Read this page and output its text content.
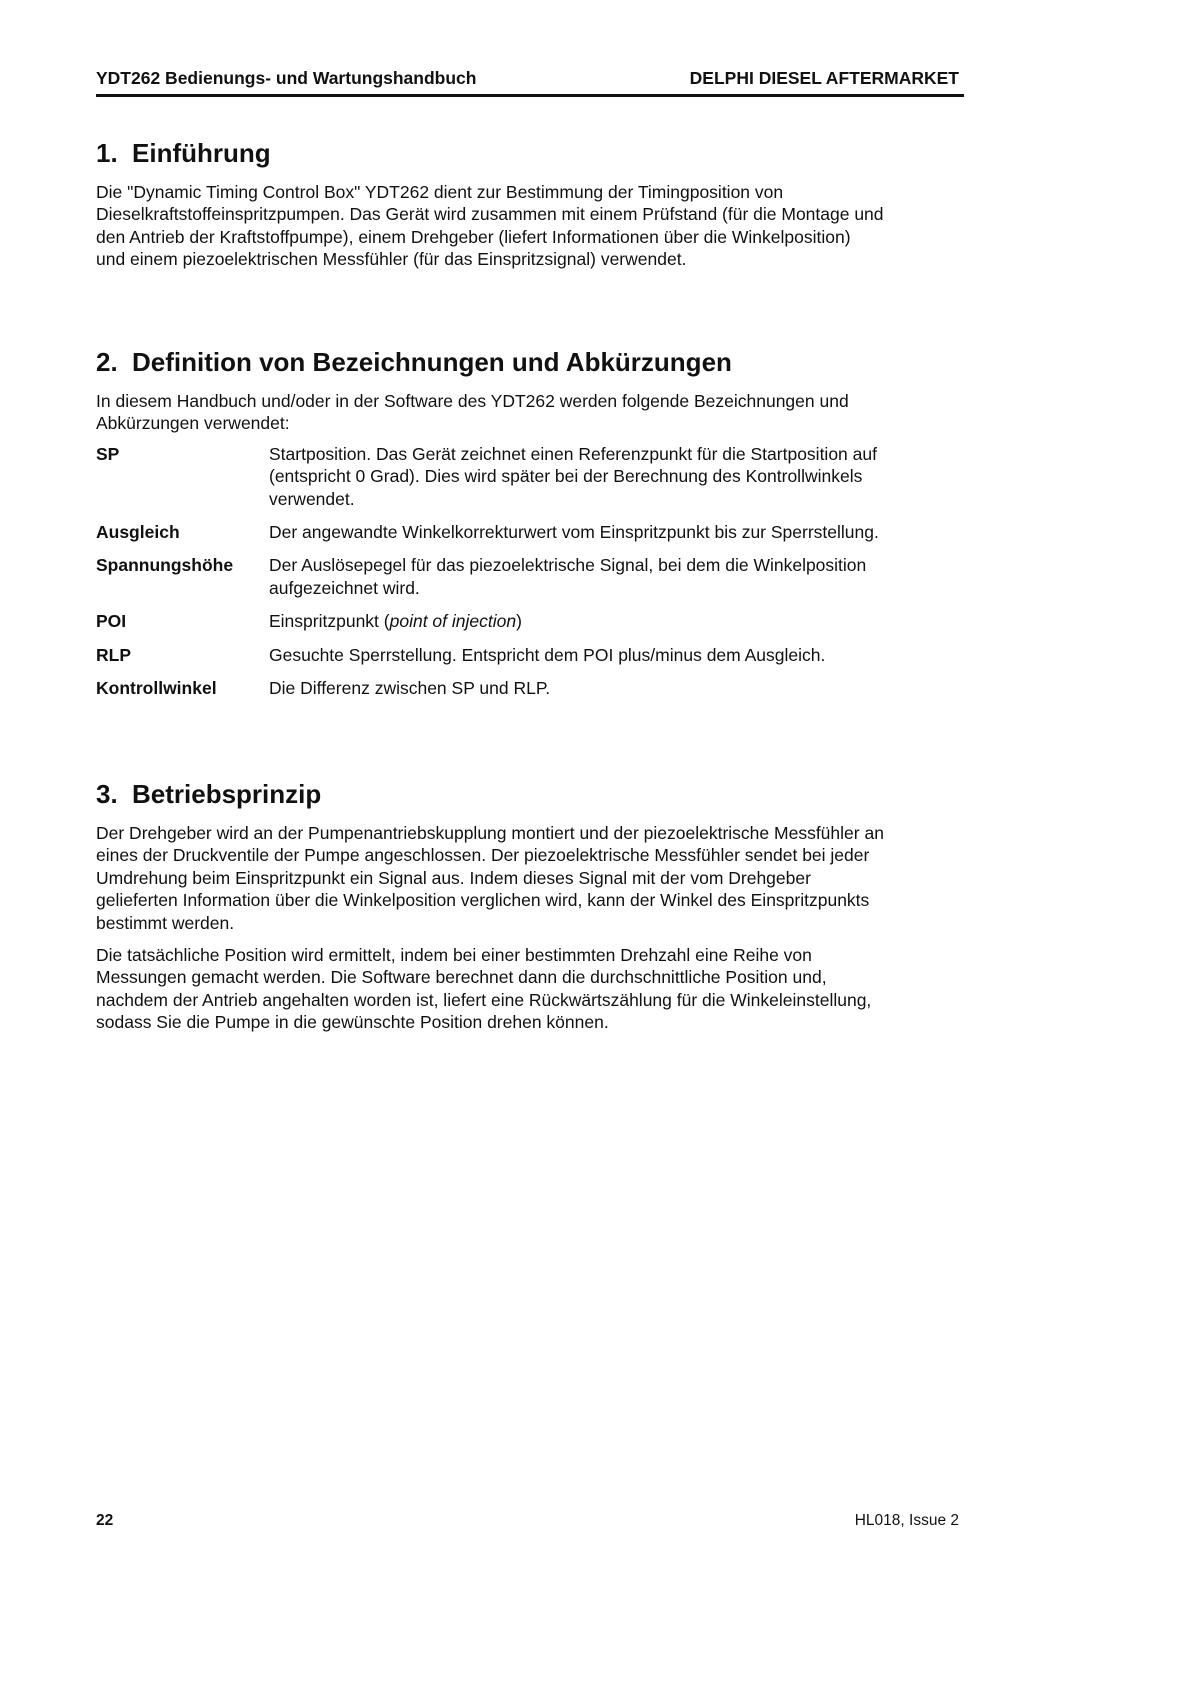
YDT262 Bedienungs- und Wartungshandbuch	DELPHI DIESEL AFTERMARKET
1. Einführung

Die "Dynamic Timing Control Box" YDT262 dient zur Bestimmung der Timingposition von
Dieselkraftstoffeinspritzpumpen. Das Gerät wird zusammen mit einem Prüfstand (für die Montage und
den Antrieb der Kraftstoffpumpe), einem Drehgeber (liefert Informationen über die Winkelposition)
und einem piezoelektrischen Messfühler (für das Einspritzsignal) verwendet.

2. Definition von Bezeichnungen und Abkürzungen

In diesem Handbuch und/oder in der Software des YDT262 werden folgende Bezeichnungen und
Abkürzungen verwendet:

SP	Startposition. Das Gerät zeichnet einen Referenzpunkt für die Startposition auf
(entspricht 0 Grad). Dies wird später bei der Berechnung des Kontrollwinkels
verwendet.
Ausgleich	Der angewandte Winkelkorrekturwert vom Einspritzpunkt bis zur Sperrstellung.
Spannungshöhe	Der Auslösepegel für das piezoelektrische Signal, bei dem die Winkelposition
aufgezeichnet wird.
POI	Einspritzpunkt (point of injection)
RLP	Gesuchte Sperrstellung. Entspricht dem POI plus/minus dem Ausgleich.
Kontrollwinkel	Die Differenz zwischen SP und RLP.
3. Betriebsprinzip

Der Drehgeber wird an der Pumpenantriebskupplung montiert und der piezoelektrische Messfühler an
eines der Druckventile der Pumpe angeschlossen. Der piezoelektrische Messfühler sendet bei jeder
Umdrehung beim Einspritzpunkt ein Signal aus. Indem dieses Signal mit der vom Drehgeber
gelieferten Information über die Winkelposition verglichen wird, kann der Winkel des Einspritzpunkts
bestimmt werden.

Die tatsächliche Position wird ermittelt, indem bei einer bestimmten Drehzahl eine Reihe von
Messungen gemacht werden. Die Software berechnet dann die durchschnittliche Position und,
nachdem der Antrieb angehalten worden ist, liefert eine Rückwärtszählung für die Winkeleinstellung,
sodass Sie die Pumpe in die gewünschte Position drehen können.

22	HL018, Issue 2
